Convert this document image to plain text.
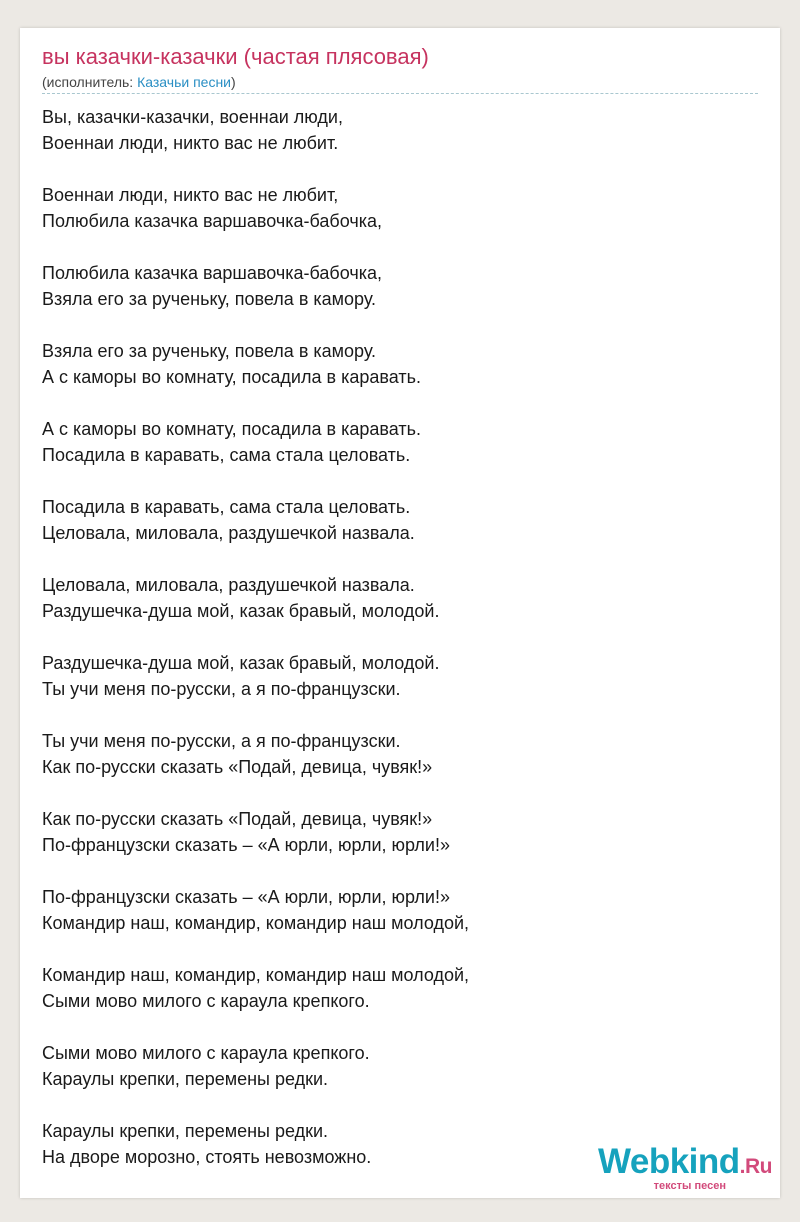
вы казачки-казачки (частая плясовая)
(исполнитель: Казачьи песни)
Вы, казачки-казачки, военнаи люди,
Военнаи люди, никто вас не любит.
Военнаи люди, никто вас не любит,
Полюбила казачка варшавочка-бабочка,
Полюбила казачка варшавочка-бабочка,
Взяла его за рученьку, повела в камору.
Взяла его за рученьку, повела в камору.
А с каморы во комнату, посадила в каравать.
А с каморы во комнату, посадила в каравать.
Посадила в каравать, сама стала целовать.
Посадила в каравать, сама стала целовать.
Целовала, миловала, раздушечкой назвала.
Целовала, миловала, раздушечкой назвала.
Раздушечка-душа мой, казак бравый, молодой.
Раздушечка-душа мой, казак бравый, молодой.
Ты учи меня по-русски, а я по-французски.
Ты учи меня по-русски, а я по-французски.
Как по-русски сказать «Подай, девица, чувяк!»
Как по-русски сказать «Подай, девица, чувяк!»
По-французски сказать – «А юрли, юрли, юрли!»
По-французски сказать – «А юрли, юрли, юрли!»
Командир наш, командир, командир наш молодой,
Командир наш, командир, командир наш молодой,
Сыми мово милого с караула крепкого.
Сыми мово милого с караула крепкого.
Караулы крепки, перемены редки.
Караулы крепки, перемены редки.
На дворе морозно, стоять невозможно.	Webkind.Ru
тексты песен
